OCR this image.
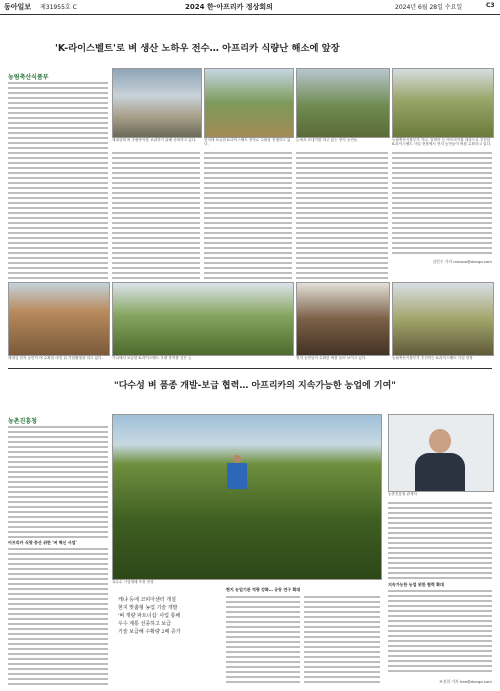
동아일보 제31955호 C	2024 한·아프리카 정상회의	2024년 6월 28일 수요일	C3
'K-라이스벨트'로 벼 생산 노하우 전수… 아프리카 식량난 해소에 앞장
농림축산식품부
세네갈에 벼 우량종자를 보관하기 위해 준비하고 있다.	현지에 보급한 K-라이스벨트 종자로 수확을 진행하고 있다.
논에서 모내기를 하고 있는 현지 농민들	농림축산식품부가 가나, 감비아 등 아프리카를 대상으로 추진한 K-라이스벨트 사업 현장에서 현지 농민들이 벼를 수확하고 있다.
김민수 기자 minsoo@donga.com
세네갈 현지 농민이 벼 수확을 마친 뒤 기념촬영을 하고 있다.	가나에서 보급한 K-라이스벨트 우량 종자를 심은 논	현지 농민들이 수확한 벼를 들어 보이고 있다.	농림축산식품부가 추진하는 K-라이스벨트 사업 현장
"다수성 벼 품종 개발-보급 협력… 아프리카의 지속가능한 농업에 기여"
농촌진흥청
아프리카 식량 증산 위한 '벼 혁신 사업'
옥수수 시험재배 포장 전경
케냐 등에 코피아센터 개설
현지 맞춤형 농업 기술 개발
'벼 개량 파트너십' 사업 통해
우수 계통 선종하고 보급
기술 보급해 수확량 2배 증가
농촌진흥청 관계자
지속가능한 농업 위한 협력 확대
현지 농업기관 역량 강화… 공동 연구 확대
조선희 기자 hee@donga.com
